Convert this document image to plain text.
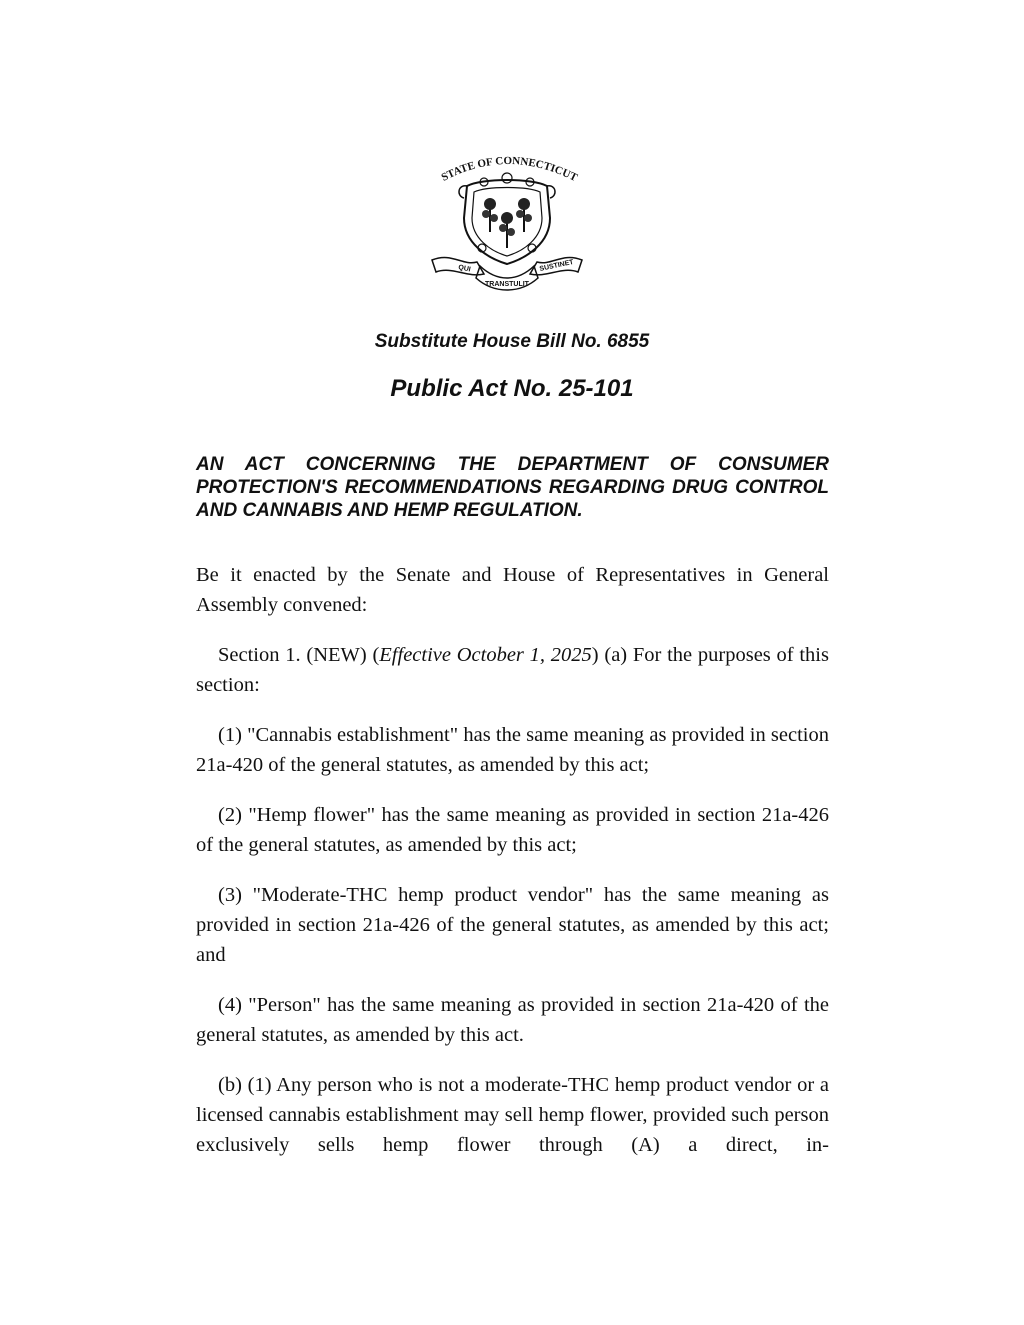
STATE OF CONNECTICUT
QUI
TRANSTULIT
SUSTINET
Substitute House Bill No. 6855
Public Act No. 25-101

AN ACT CONCERNING THE DEPARTMENT OF CONSUMER PROTECTION'S RECOMMENDATIONS REGARDING DRUG CONTROL AND CANNABIS AND HEMP REGULATION.

Be it enacted by the Senate and House of Representatives in General Assembly convened:

Section 1. (NEW) (Effective October 1, 2025) (a) For the purposes of this section:

(1) "Cannabis establishment" has the same meaning as provided in section 21a-420 of the general statutes, as amended by this act;

(2) "Hemp flower" has the same meaning as provided in section 21a-426 of the general statutes, as amended by this act;

(3) "Moderate-THC hemp product vendor" has the same meaning as provided in section 21a-426 of the general statutes, as amended by this act; and

(4) "Person" has the same meaning as provided in section 21a-420 of the general statutes, as amended by this act.

(b) (1) Any person who is not a moderate-THC hemp product vendor or a licensed cannabis establishment may sell hemp flower, provided such person exclusively sells hemp flower through (A) a direct, in-
